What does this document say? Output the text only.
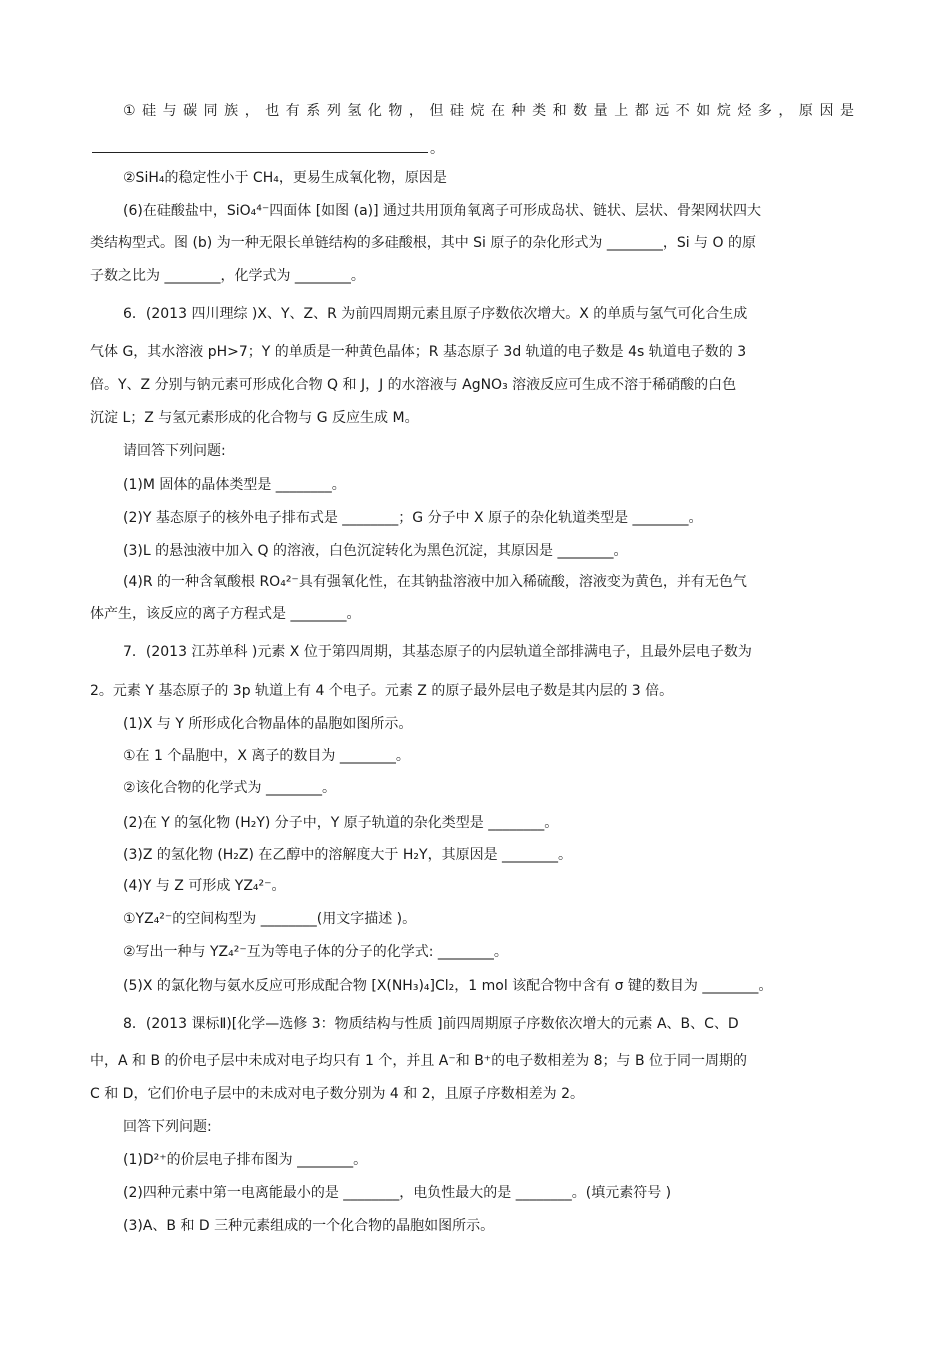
①硅与碳同族，也有系列氢化物，但硅烷在种类和数量上都远不如烷烃多，原因是
。
②SiH₄的稳定性小于 CH₄，更易生成氧化物，原因是
(6)在硅酸盐中，SiO₄⁴⁻四面体 [如图 (a)] 通过共用顶角氧离子可形成岛状、链状、层状、骨架网状四大
类结构型式。图 (b) 为一种无限长单链结构的多硅酸根，其中 Si 原子的杂化形式为 ________，Si 与 O 的原
子数之比为 ________，化学式为 ________。
6．(2013 四川理综 )X、Y、Z、R 为前四周期元素且原子序数依次增大。X 的单质与氢气可化合生成
气体 G，其水溶液 pH>7；Y 的单质是一种黄色晶体；R 基态原子 3d 轨道的电子数是 4s 轨道电子数的 3
倍。Y、Z 分别与钠元素可形成化合物 Q 和 J，J 的水溶液与 AgNO₃ 溶液反应可生成不溶于稀硝酸的白色
沉淀 L；Z 与氢元素形成的化合物与 G 反应生成 M。
请回答下列问题:
(1)M 固体的晶体类型是 ________。
(2)Y 基态原子的核外电子排布式是 ________；G 分子中 X 原子的杂化轨道类型是 ________。
(3)L 的悬浊液中加入 Q 的溶液，白色沉淀转化为黑色沉淀，其原因是 ________。
(4)R 的一种含氧酸根 RO₄²⁻具有强氧化性，在其钠盐溶液中加入稀硫酸，溶液变为黄色，并有无色气
体产生，该反应的离子方程式是 ________。
7．(2013 江苏单科 )元素 X 位于第四周期，其基态原子的内层轨道全部排满电子，且最外层电子数为
2。元素 Y 基态原子的 3p 轨道上有 4 个电子。元素 Z 的原子最外层电子数是其内层的 3 倍。
(1)X 与 Y 所形成化合物晶体的晶胞如图所示。
①在 1 个晶胞中，X 离子的数目为 ________。
②该化合物的化学式为 ________。
(2)在 Y 的氢化物 (H₂Y) 分子中，Y 原子轨道的杂化类型是 ________。
(3)Z 的氢化物 (H₂Z) 在乙醇中的溶解度大于 H₂Y，其原因是 ________。
(4)Y 与 Z 可形成 YZ₄²⁻。
①YZ₄²⁻的空间构型为 ________(用文字描述 )。
②写出一种与 YZ₄²⁻互为等电子体的分子的化学式: ________。
(5)X 的氯化物与氨水反应可形成配合物 [X(NH₃)₄]Cl₂，1 mol 该配合物中含有 σ 键的数目为 ________。
8．(2013 课标Ⅱ)[化学—选修 3：物质结构与性质 ]前四周期原子序数依次增大的元素 A、B、C、D
中，A 和 B 的价电子层中未成对电子均只有 1 个，并且 A⁻和 B⁺的电子数相差为 8；与 B 位于同一周期的
C 和 D，它们价电子层中的未成对电子数分别为 4 和 2，且原子序数相差为 2。
回答下列问题:
(1)D²⁺的价层电子排布图为 ________。
(2)四种元素中第一电离能最小的是 ________，电负性最大的是 ________。(填元素符号 )
(3)A、B 和 D 三种元素组成的一个化合物的晶胞如图所示。
